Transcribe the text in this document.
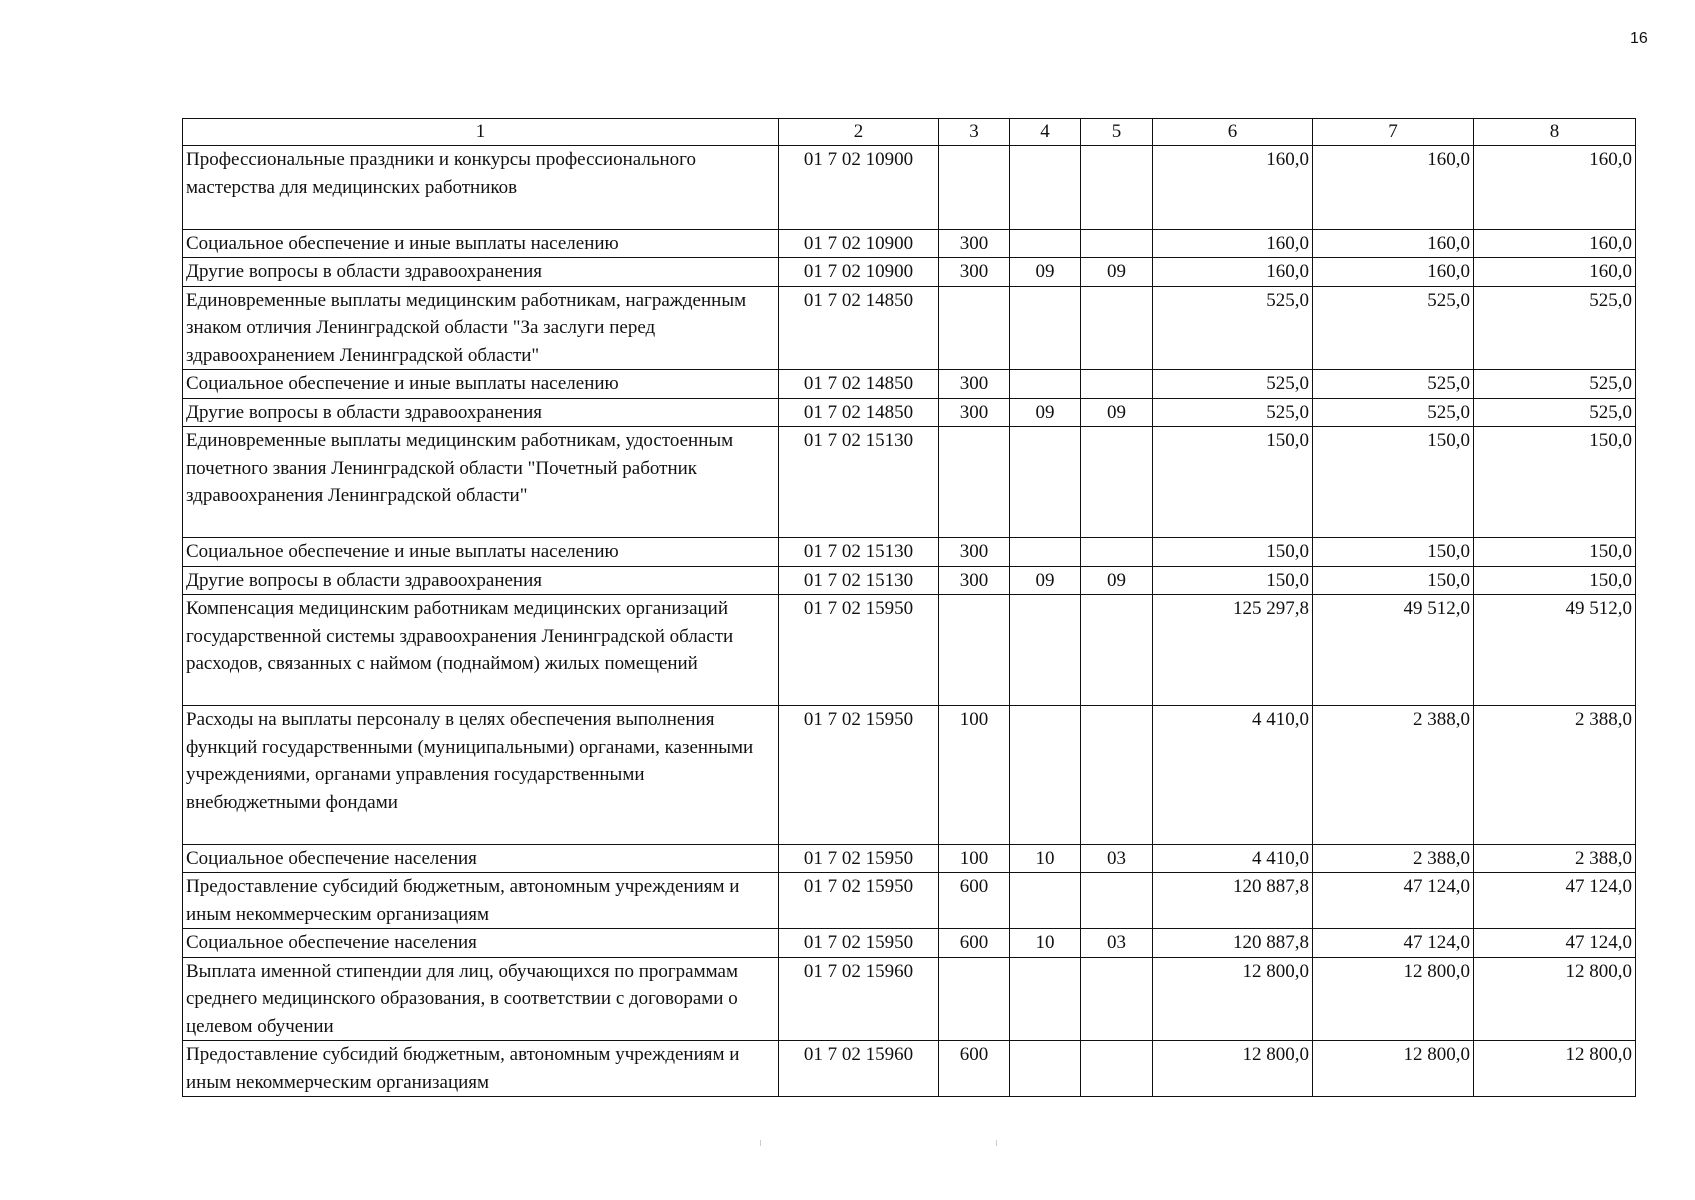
16
1	2	3	4	5	6	7	8
Профессиональные праздники и конкурсы профессионального мастерства для медицинских работников	01 7 02 10900				160,0	160,0	160,0
Социальное обеспечение и иные выплаты населению	01 7 02 10900	300			160,0	160,0	160,0
Другие вопросы в области здравоохранения	01 7 02 10900	300	09	09	160,0	160,0	160,0
Единовременные выплаты медицинским работникам, награжденным знаком отличия Ленинградской области "За заслуги перед здравоохранением Ленинградской области"	01 7 02 14850				525,0	525,0	525,0
Социальное обеспечение и иные выплаты населению	01 7 02 14850	300			525,0	525,0	525,0
Другие вопросы в области здравоохранения	01 7 02 14850	300	09	09	525,0	525,0	525,0
Единовременные выплаты медицинским работникам, удостоенным почетного звания Ленинградской области "Почетный работник здравоохранения Ленинградской области"	01 7 02 15130				150,0	150,0	150,0
Социальное обеспечение и иные выплаты населению	01 7 02 15130	300			150,0	150,0	150,0
Другие вопросы в области здравоохранения	01 7 02 15130	300	09	09	150,0	150,0	150,0
Компенсация медицинским работникам медицинских организаций государственной системы здравоохранения Ленинградской области расходов, связанных с наймом (поднаймом) жилых помещений	01 7 02 15950				125 297,8	49 512,0	49 512,0
Расходы на выплаты персоналу в целях обеспечения выполнения функций государственными (муниципальными) органами, казенными учреждениями, органами управления государственными внебюджетными фондами	01 7 02 15950	100			4 410,0	2 388,0	2 388,0
Социальное обеспечение населения	01 7 02 15950	100	10	03	4 410,0	2 388,0	2 388,0
Предоставление субсидий бюджетным, автономным учреждениям и иным некоммерческим организациям	01 7 02 15950	600			120 887,8	47 124,0	47 124,0
Социальное обеспечение населения	01 7 02 15950	600	10	03	120 887,8	47 124,0	47 124,0
Выплата именной стипендии для лиц, обучающихся по программам среднего медицинского образования, в соответствии с договорами о целевом обучении	01 7 02 15960				12 800,0	12 800,0	12 800,0
Предоставление субсидий бюджетным, автономным учреждениям и иным некоммерческим организациям	01 7 02 15960	600			12 800,0	12 800,0	12 800,0
